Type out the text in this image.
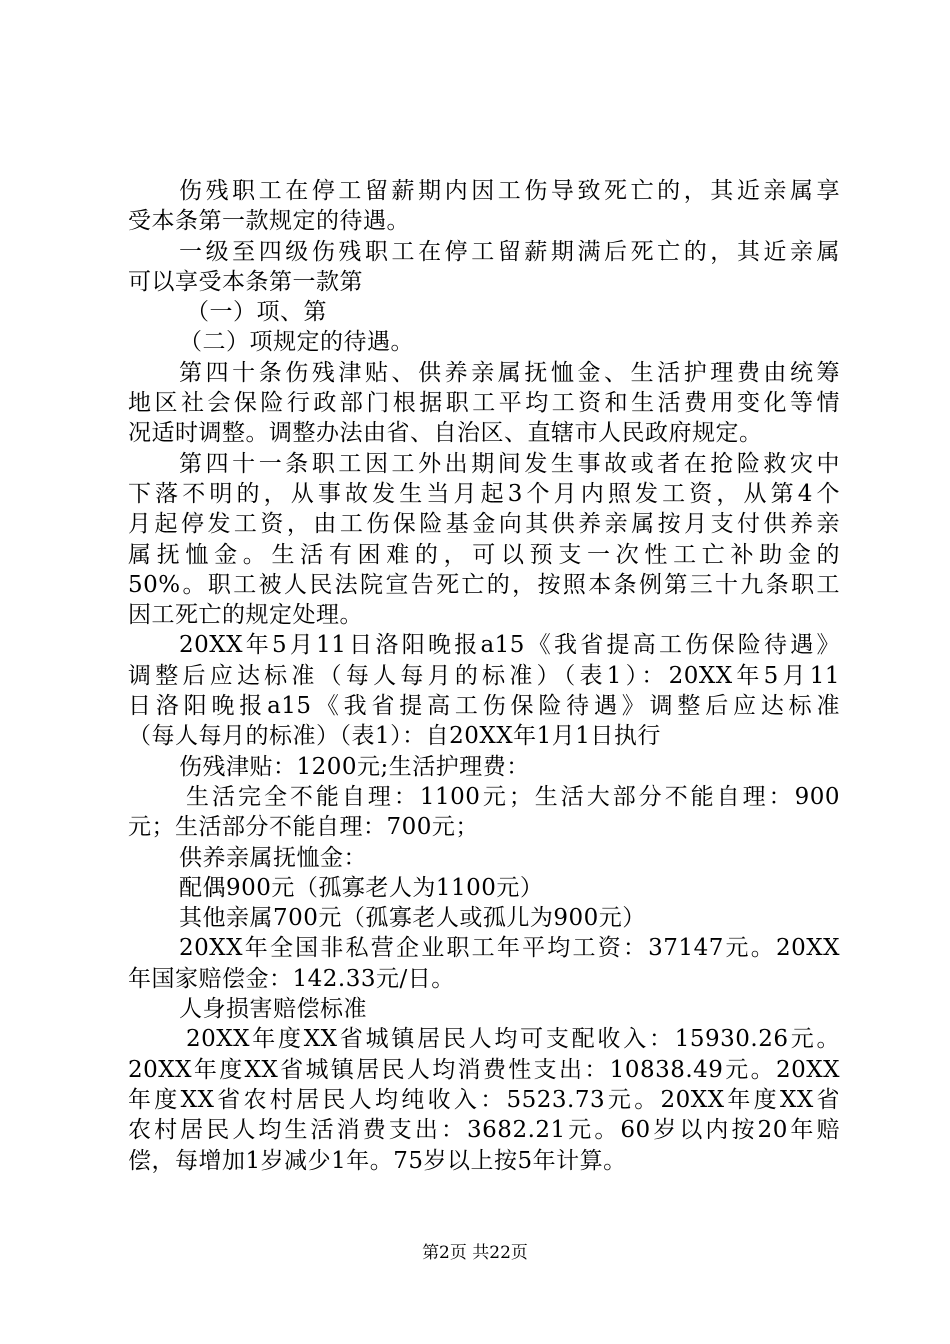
伤残职工在停工留薪期内因工伤导致死亡的，其近亲属享
受本条第一款规定的待遇。
一级至四级伤残职工在停工留薪期满后死亡的，其近亲属
可以享受本条第一款第
（一）项、第
（二）项规定的待遇。
第四十条伤残津贴、供养亲属抚恤金、生活护理费由统筹
地区社会保险行政部门根据职工平均工资和生活费用变化等情
况适时调整。调整办法由省、自治区、直辖市人民政府规定。
第四十一条职工因工外出期间发生事故或者在抢险救灾中
下落不明的，从事故发生当月起3个月内照发工资，从第4个
月起停发工资，由工伤保险基金向其供养亲属按月支付供养亲
属抚恤金。生活有困难的，可以预支一次性工亡补助金的
50%。职工被人民法院宣告死亡的，按照本条例第三十九条职工
因工死亡的规定处理。
20XX年5月11日洛阳晚报a15《我省提高工伤保险待遇》
调整后应达标准（每人每月的标准）（表1）：20XX年5月11
日洛阳晚报a15《我省提高工伤保险待遇》调整后应达标准
（每人每月的标准）（表1）：自20XX年1月1日执行
伤残津贴：1200元;生活护理费：
生活完全不能自理：1100元；生活大部分不能自理：900
元；生活部分不能自理：700元；
供养亲属抚恤金：
配偶900元（孤寡老人为1100元）
其他亲属700元（孤寡老人或孤儿为900元）
20XX年全国非私营企业职工年平均工资：37147元。20XX
年国家赔偿金：142.33元/日。
人身损害赔偿标准
20XX年度XX省城镇居民人均可支配收入：15930.26元。
20XX年度XX省城镇居民人均消费性支出：10838.49元。20XX
年度XX省农村居民人均纯收入：5523.73元。20XX年度XX省
农村居民人均生活消费支出：3682.21元。60岁以内按20年赔
偿，每增加1岁减少1年。75岁以上按5年计算。
第2页 共22页
